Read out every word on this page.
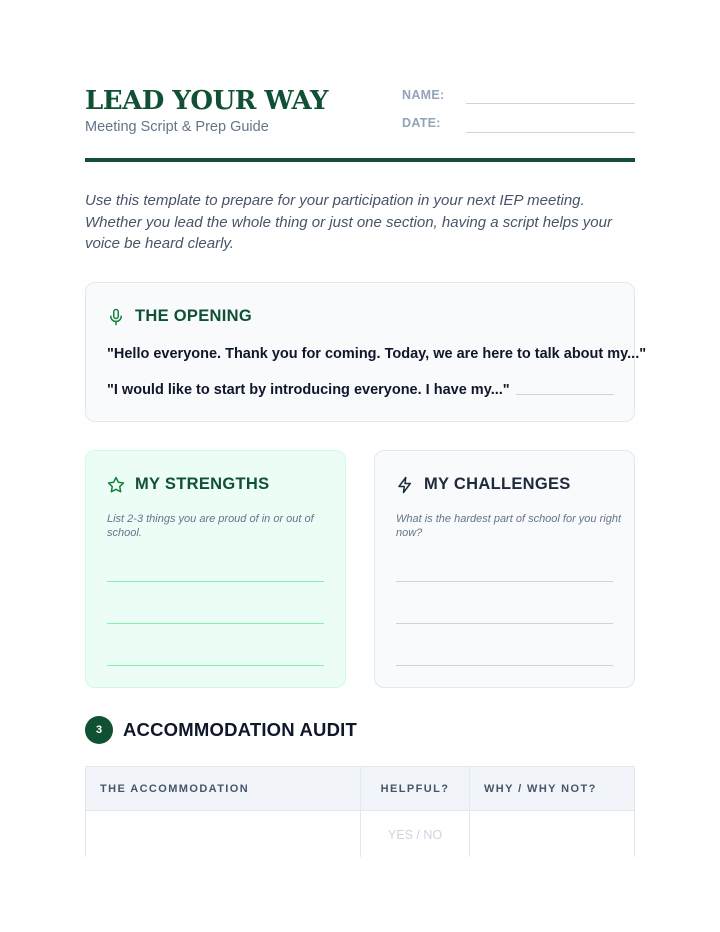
LEAD YOUR WAY
Meeting Script & Prep Guide
NAME:
DATE:
Use this template to prepare for your participation in your next IEP meeting. Whether you lead the whole thing or just one section, having a script helps your voice be heard clearly.
THE OPENING
"Hello everyone. Thank you for coming. Today, we are here to talk about my..."
"I would like to start by introducing everyone. I have my..."
MY STRENGTHS
List 2-3 things you are proud of in or out of school.
MY CHALLENGES
What is the hardest part of school for you right now?
3	ACCOMMODATION AUDIT
THE ACCOMMODATION	HELPFUL?	WHY / WHY NOT?
	YES / NO	
